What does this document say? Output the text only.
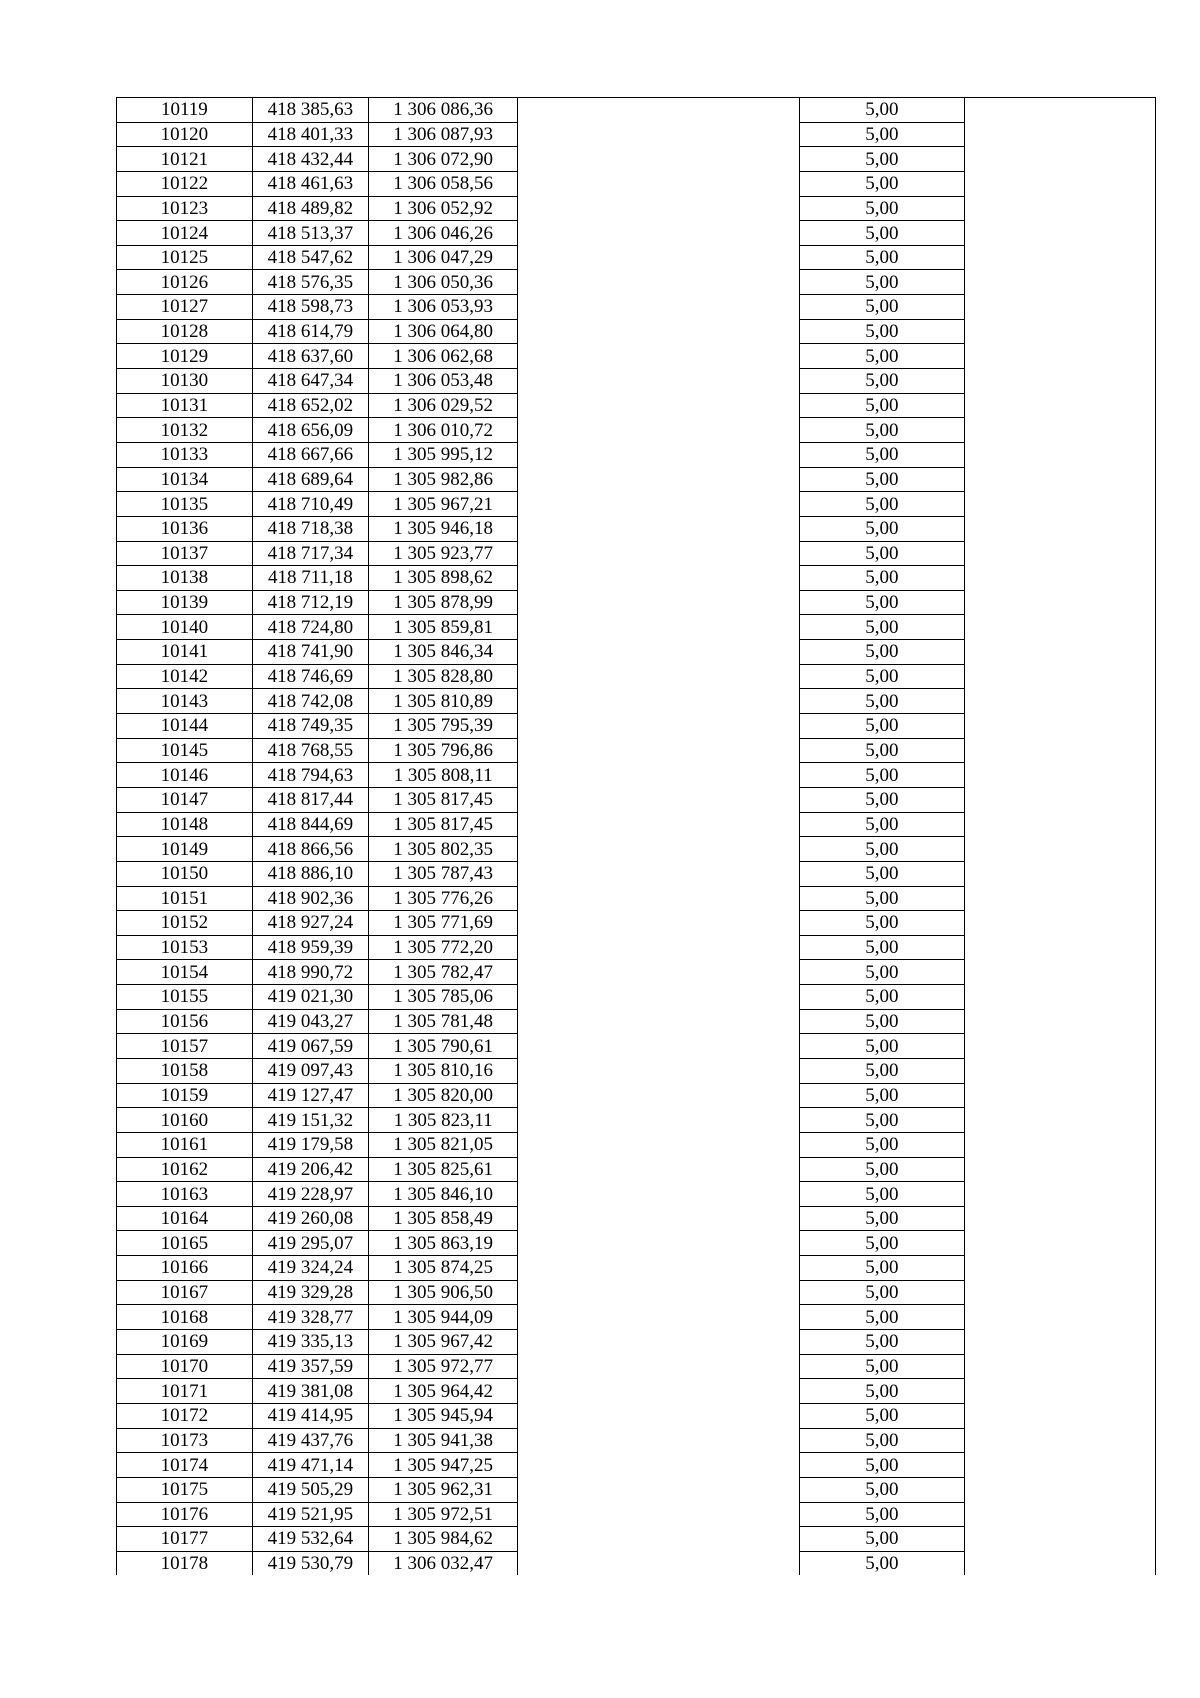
10119	418 385,63	1 306 086,36		5,00	
10120	418 401,33	1 306 087,93		5,00	
10121	418 432,44	1 306 072,90		5,00	
10122	418 461,63	1 306 058,56		5,00	
10123	418 489,82	1 306 052,92		5,00	
10124	418 513,37	1 306 046,26		5,00	
10125	418 547,62	1 306 047,29		5,00	
10126	418 576,35	1 306 050,36		5,00	
10127	418 598,73	1 306 053,93		5,00	
10128	418 614,79	1 306 064,80		5,00	
10129	418 637,60	1 306 062,68		5,00	
10130	418 647,34	1 306 053,48		5,00	
10131	418 652,02	1 306 029,52		5,00	
10132	418 656,09	1 306 010,72		5,00	
10133	418 667,66	1 305 995,12		5,00	
10134	418 689,64	1 305 982,86		5,00	
10135	418 710,49	1 305 967,21		5,00	
10136	418 718,38	1 305 946,18		5,00	
10137	418 717,34	1 305 923,77		5,00	
10138	418 711,18	1 305 898,62		5,00	
10139	418 712,19	1 305 878,99		5,00	
10140	418 724,80	1 305 859,81		5,00	
10141	418 741,90	1 305 846,34		5,00	
10142	418 746,69	1 305 828,80		5,00	
10143	418 742,08	1 305 810,89		5,00	
10144	418 749,35	1 305 795,39		5,00	
10145	418 768,55	1 305 796,86		5,00	
10146	418 794,63	1 305 808,11		5,00	
10147	418 817,44	1 305 817,45		5,00	
10148	418 844,69	1 305 817,45		5,00	
10149	418 866,56	1 305 802,35		5,00	
10150	418 886,10	1 305 787,43		5,00	
10151	418 902,36	1 305 776,26		5,00	
10152	418 927,24	1 305 771,69		5,00	
10153	418 959,39	1 305 772,20		5,00	
10154	418 990,72	1 305 782,47		5,00	
10155	419 021,30	1 305 785,06		5,00	
10156	419 043,27	1 305 781,48		5,00	
10157	419 067,59	1 305 790,61		5,00	
10158	419 097,43	1 305 810,16		5,00	
10159	419 127,47	1 305 820,00		5,00	
10160	419 151,32	1 305 823,11		5,00	
10161	419 179,58	1 305 821,05		5,00	
10162	419 206,42	1 305 825,61		5,00	
10163	419 228,97	1 305 846,10		5,00	
10164	419 260,08	1 305 858,49		5,00	
10165	419 295,07	1 305 863,19		5,00	
10166	419 324,24	1 305 874,25		5,00	
10167	419 329,28	1 305 906,50		5,00	
10168	419 328,77	1 305 944,09		5,00	
10169	419 335,13	1 305 967,42		5,00	
10170	419 357,59	1 305 972,77		5,00	
10171	419 381,08	1 305 964,42		5,00	
10172	419 414,95	1 305 945,94		5,00	
10173	419 437,76	1 305 941,38		5,00	
10174	419 471,14	1 305 947,25		5,00	
10175	419 505,29	1 305 962,31		5,00	
10176	419 521,95	1 305 972,51		5,00	
10177	419 532,64	1 305 984,62		5,00	
10178	419 530,79	1 306 032,47		5,00	
